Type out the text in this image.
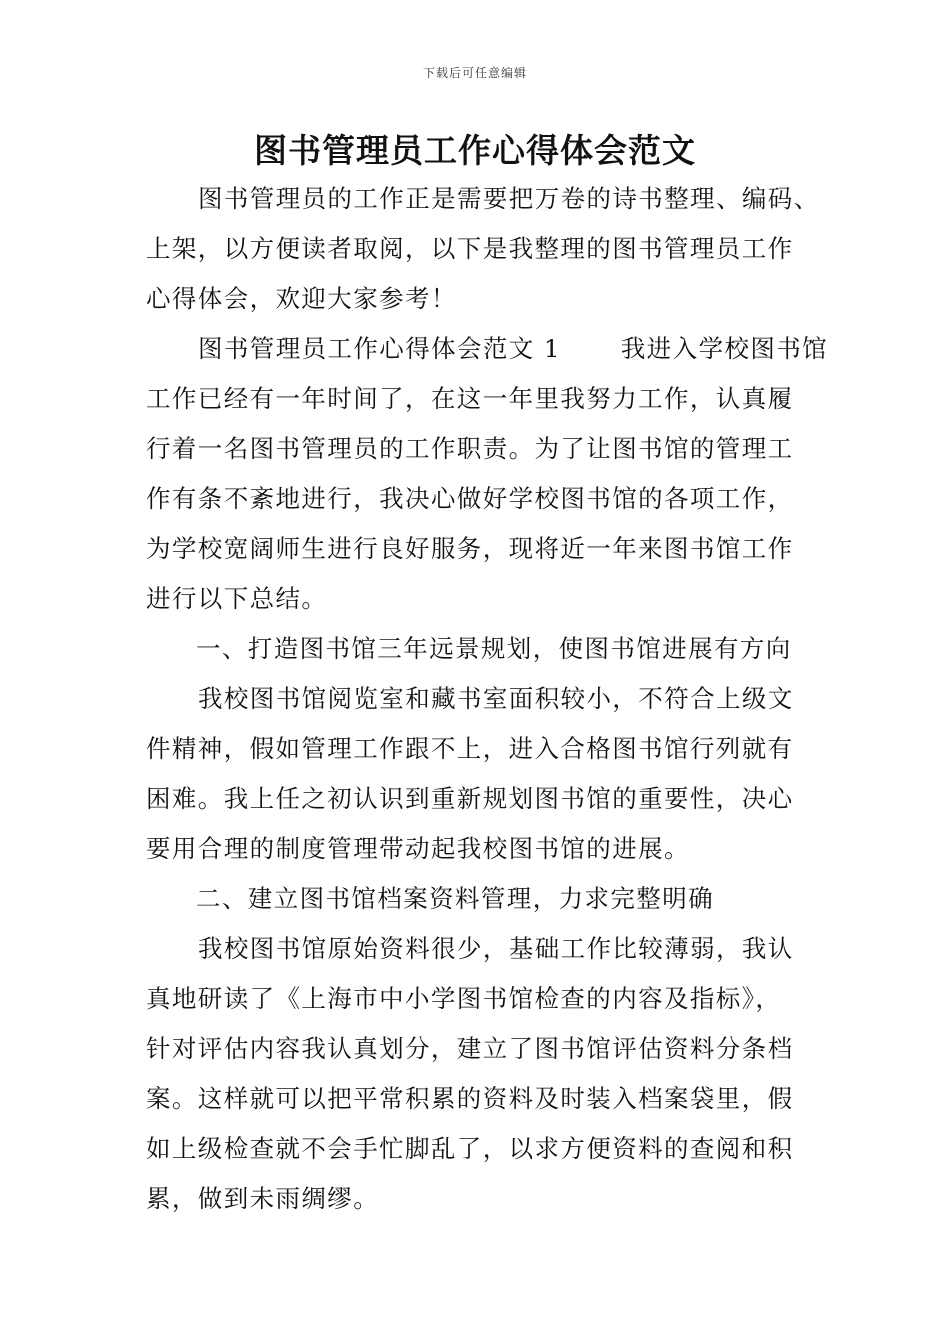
下载后可任意编辑
图书管理员工作心得体会范文
图书管理员的工作正是需要把万卷的诗书整理、编码、
上架，以方便读者取阅，以下是我整理的图书管理员工作
心得体会，欢迎大家参考！
图书管理员工作心得体会范文 1 我进入学校图书馆
工作已经有一年时间了，在这一年里我努力工作，认真履
行着一名图书管理员的工作职责。为了让图书馆的管理工
作有条不紊地进行，我决心做好学校图书馆的各项工作，
为学校宽阔师生进行良好服务，现将近一年来图书馆工作
进行以下总结。
一、打造图书馆三年远景规划，使图书馆进展有方向
我校图书馆阅览室和藏书室面积较小，不符合上级文
件精神，假如管理工作跟不上，进入合格图书馆行列就有
困难。我上任之初认识到重新规划图书馆的重要性，决心
要用合理的制度管理带动起我校图书馆的进展。
二、建立图书馆档案资料管理，力求完整明确
我校图书馆原始资料很少，基础工作比较薄弱，我认
真地研读了《上海市中小学图书馆检查的内容及指标》，
针对评估内容我认真划分，建立了图书馆评估资料分条档
案。这样就可以把平常积累的资料及时装入档案袋里，假
如上级检查就不会手忙脚乱了，以求方便资料的查阅和积
累，做到未雨绸缪。
